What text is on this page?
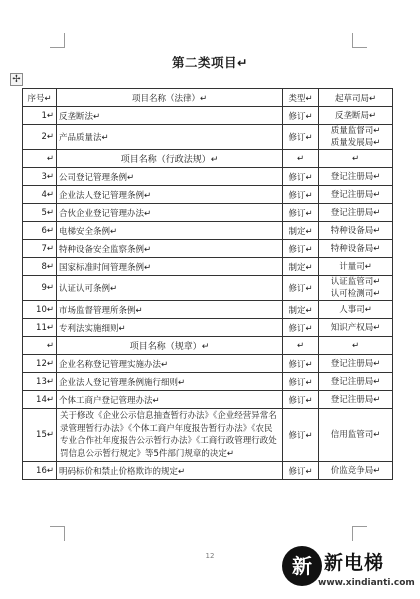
✢
第二类项目↵
序号↵	项目名称（法律）↵	类型↵	起草司局↵
1↵	反垄断法↵	修订↵	反垄断局↵

2↵	产品质量法↵	修订↵	质量监督司↵
质量发展局↵

↵	项目名称（行政法规）↵	↵	↵

3↵	公司登记管理条例↵	修订↵	登记注册局↵

4↵	企业法人登记管理条例↵	修订↵	登记注册局↵

5↵	合伙企业登记管理办法↵	修订↵	登记注册局↵

6↵	电梯安全条例↵	制定↵	特种设备局↵

7↵	特种设备安全监察条例↵	修订↵	特种设备局↵

8↵	国家标准时间管理条例↵	制定↵	计量司↵

9↵	认证认可条例↵	修订↵	认证监管司↵
认可检测司↵

10↵	市场监督管理所条例↵	制定↵	人事司↵

11↵	专利法实施细则↵	修订↵	知识产权局↵

↵	项目名称（规章）↵	↵	↵

12↵	企业名称登记管理实施办法↵	修订↵	登记注册局↵

13↵	企业法人登记管理条例施行细则↵	修订↵	登记注册局↵

14↵	个体工商户登记管理办法↵	修订↵	登记注册局↵

15↵	关于修改《企业公示信息抽查暂行办法》《企业经营异常名录管理暂行办法》《个体工商户年度报告暂行办法》《农民专业合作社年度报告公示暂行办法》《工商行政管理行政处罚信息公示暂行规定》等5件部门规章的决定↵	修订↵	信用监管司↵

16↵	明码标价和禁止价格欺诈的规定↵	修订↵	价监竞争局↵
12	新 新电梯
www.xindianti.com
